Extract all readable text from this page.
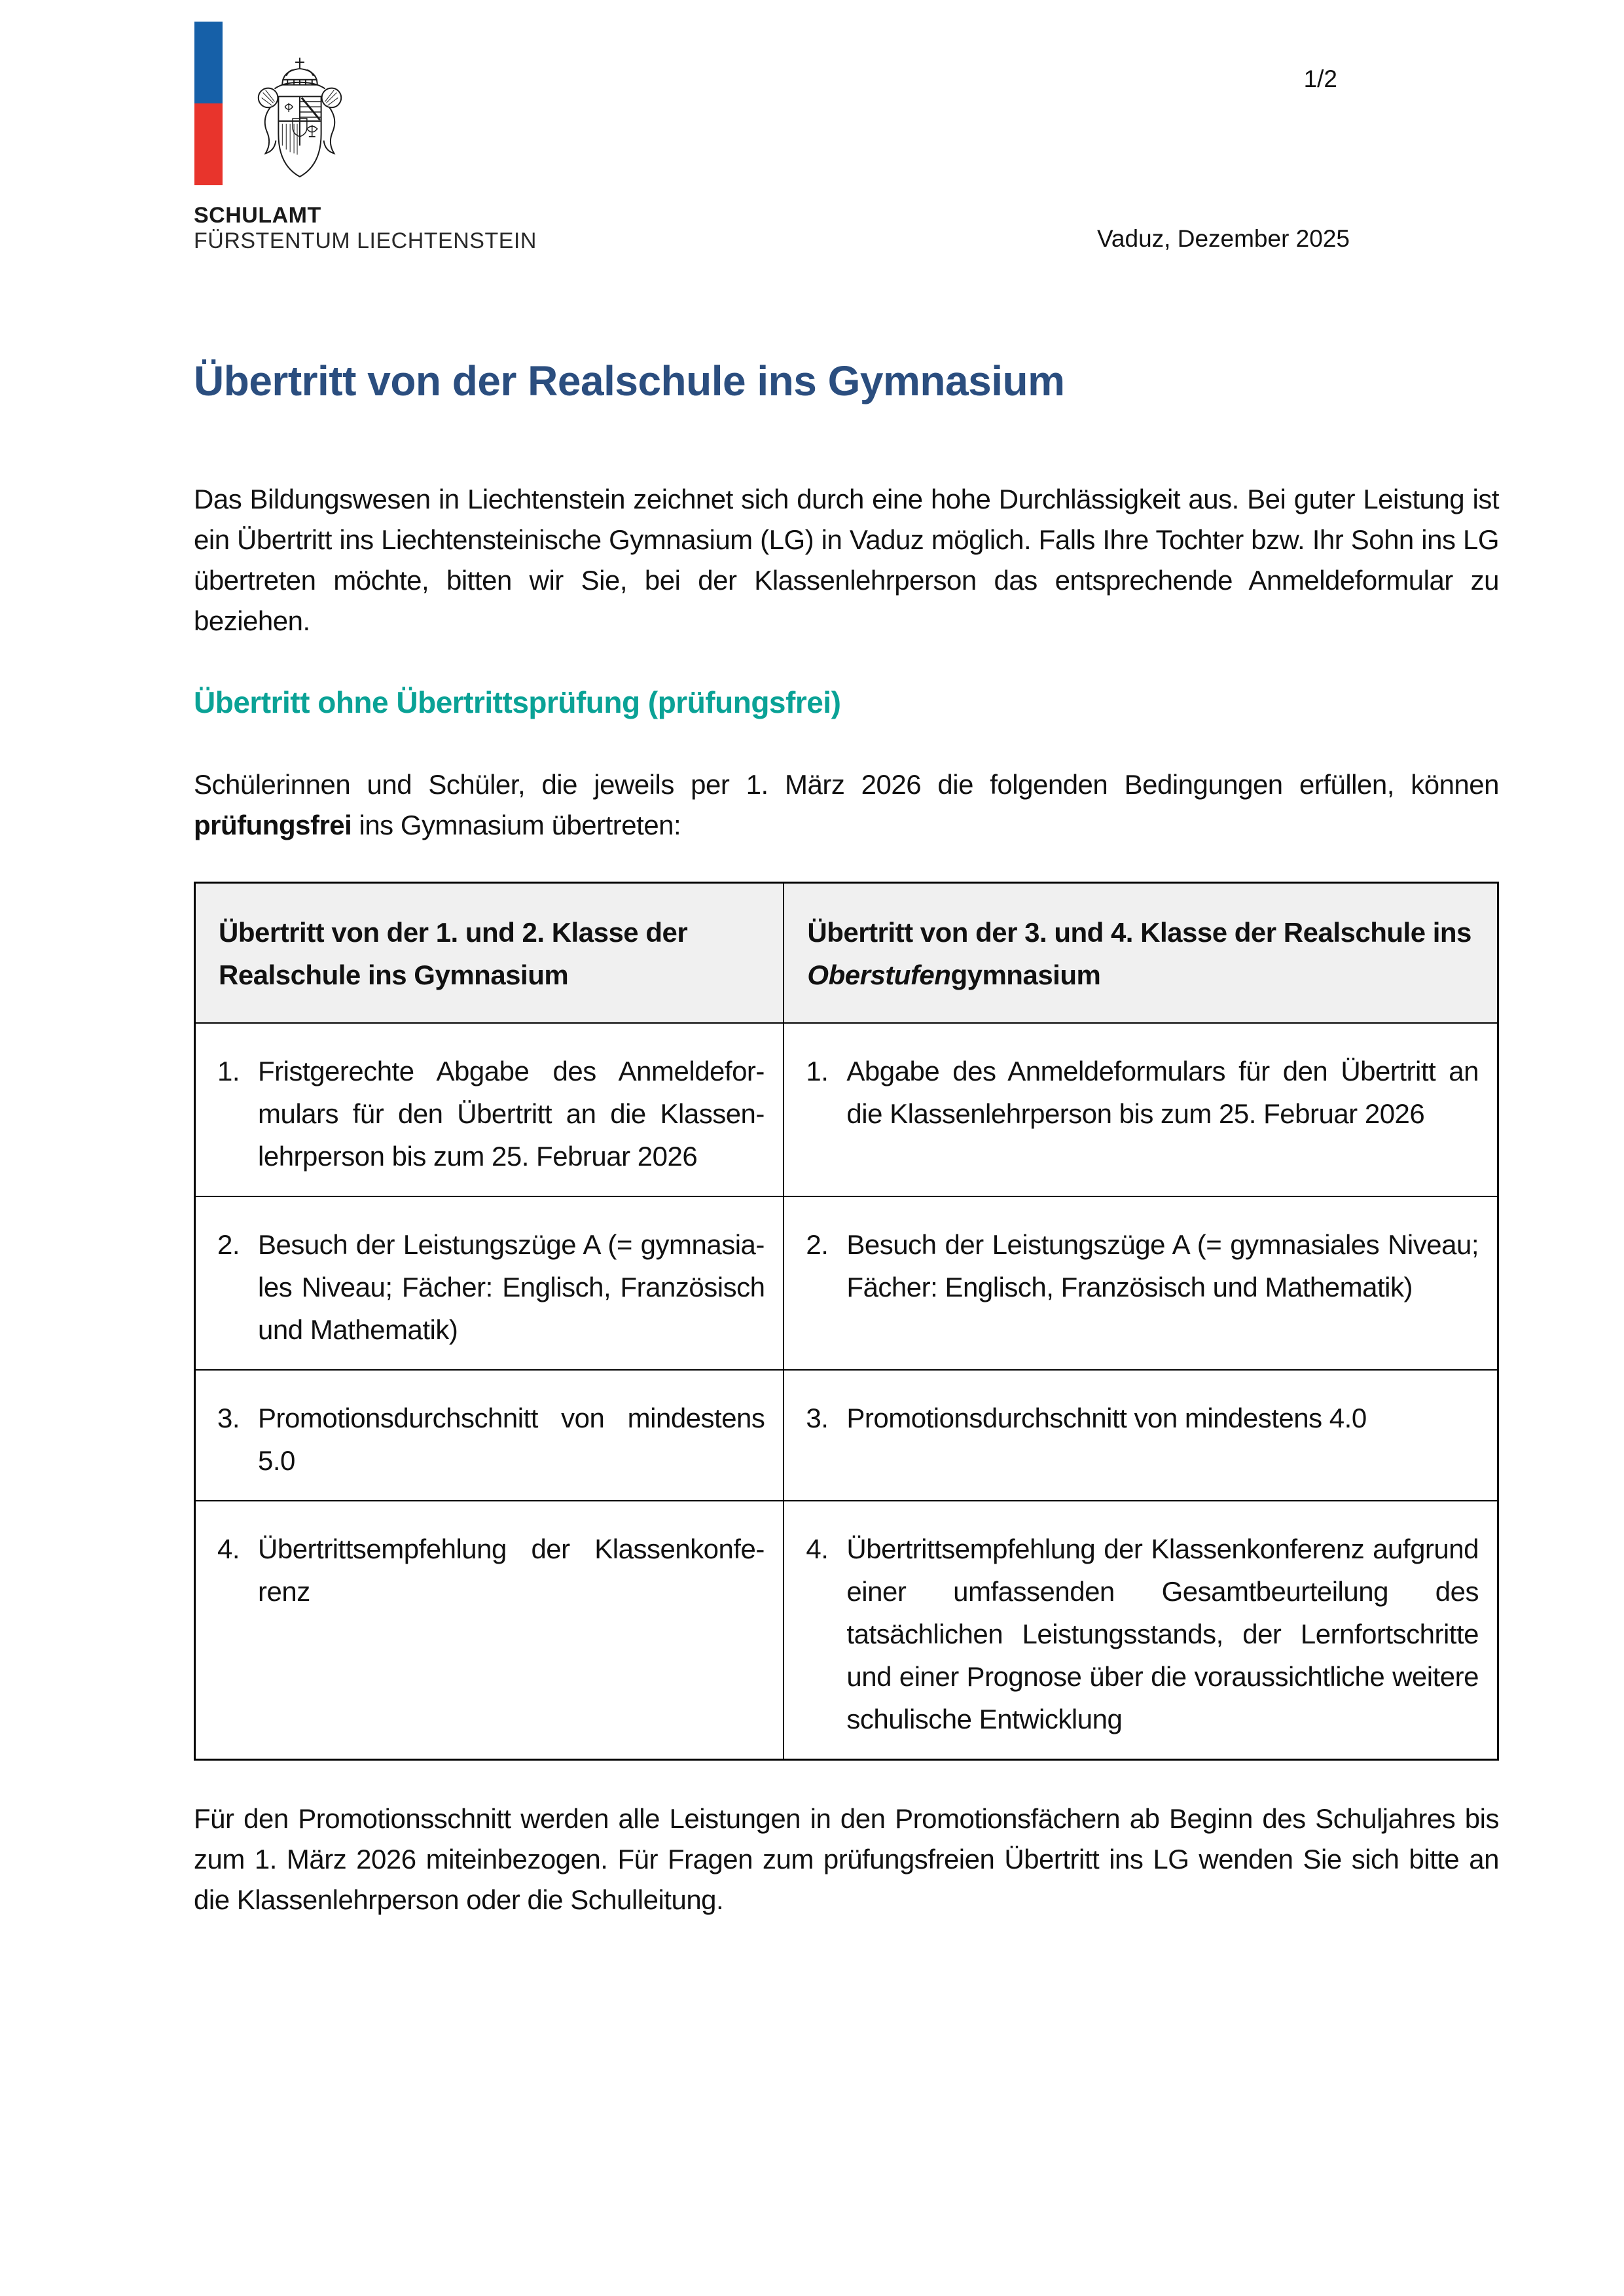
SCHULAMT
FÜRSTENTUM LIECHTENSTEIN
1/2
Vaduz, Dezember 2025
Übertritt von der Realschule ins Gymnasium

Das Bildungswesen in Liechtenstein zeichnet sich durch eine hohe Durchlässigkeit aus. Bei guter Leistung ist ein Übertritt ins Liechtensteinische Gymnasium (LG) in Vaduz möglich. Falls Ihre Tochter bzw. Ihr Sohn ins LG übertreten möchte, bitten wir Sie, bei der Klassenlehrperson das entsprechende Anmeldeformular zu beziehen.

Übertritt ohne Übertrittsprüfung (prüfungsfrei)

Schülerinnen und Schüler, die jeweils per 1. März 2026 die folgenden Bedingungen erfüllen, können prüfungsfrei ins Gymnasium übertreten:

Übertritt von der 1. und 2. Klasse der Realschule ins Gymnasium	Übertritt von der 3. und 4. Klasse der Realschule ins Oberstufengymnasium

1. Fristgerechte Abgabe des Anmeldeformulars für den Übertritt an die Klassenlehrperson bis zum 25. Februar 2026	1. Abgabe des Anmeldeformulars für den Übertritt an die Klassenlehrperson bis zum 25. Februar 2026

2. Besuch der Leistungszüge A (= gymnasiales Niveau; Fächer: Englisch, Französisch und Mathematik)	2. Besuch der Leistungszüge A (= gymnasiales Niveau; Fächer: Englisch, Französisch und Mathematik)

3. Promotionsdurchschnitt von mindestens 5.0	3. Promotionsdurchschnitt von mindestens 4.0

4. Übertrittsempfehlung der Klassenkonferenz	4. Übertrittsempfehlung der Klassenkonferenz aufgrund einer umfassenden Gesamtbeurteilung des tatsächlichen Leistungsstands, der Lernfortschritte und einer Prognose über die voraussichtliche weitere schulische Entwicklung

Für den Promotionsschnitt werden alle Leistungen in den Promotionsfächern ab Beginn des Schuljahres bis zum 1. März 2026 miteinbezogen. Für Fragen zum prüfungsfreien Übertritt ins LG wenden Sie sich bitte an die Klassenlehrperson oder die Schulleitung.
